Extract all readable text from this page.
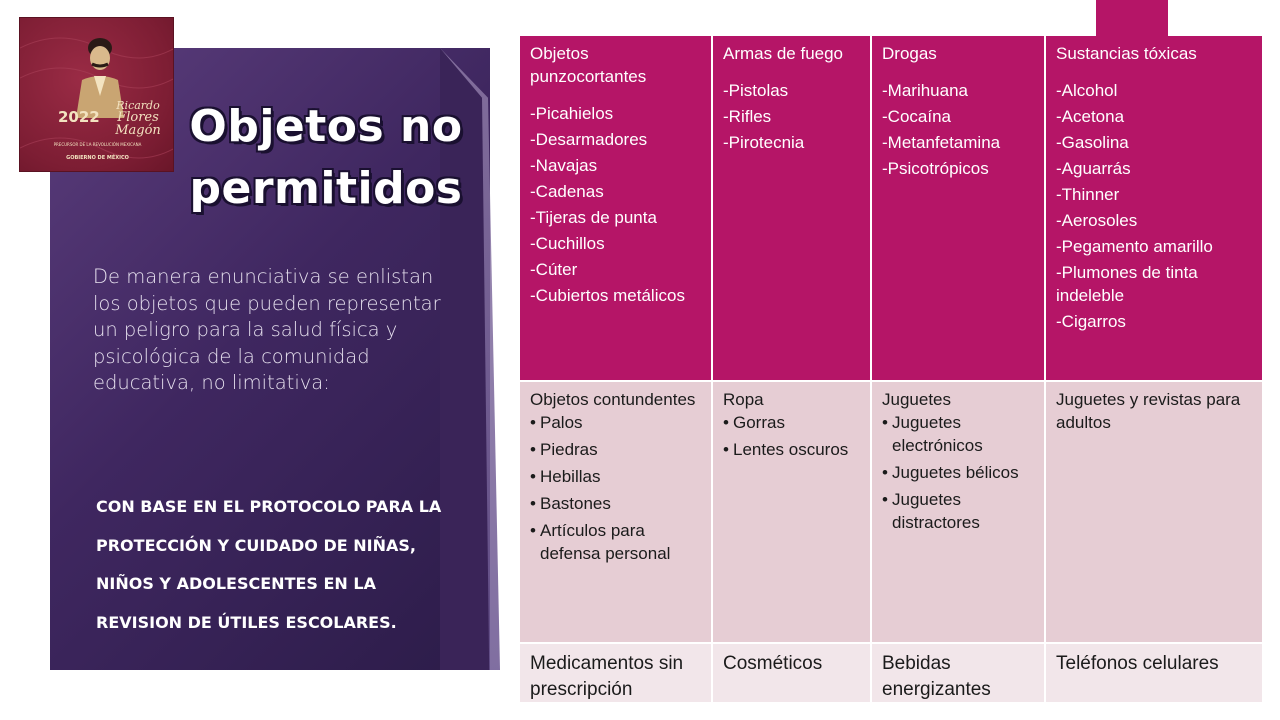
2022
Ricardo
Flores
Magón
PRECURSOR DE LA REVOLUCIÓN MEXICANA
GOBIERNO DE MÉXICO
Objetos no
permitidos
De manera enunciativa se enlistan los objetos que pueden representar un peligro para la salud física y psicológica de la comunidad educativa, no limitativa:
CON BASE EN EL PROTOCOLO PARA LA PROTECCIÓN Y CUIDADO DE NIÑAS, NIÑOS Y ADOLESCENTES EN LA REVISION DE ÚTILES ESCOLARES.
Objetos punzocortantes
-Picahielos
-Desarmadores
-Navajas
-Cadenas
-Tijeras de punta
-Cuchillos
-Cúter
-Cubiertos metálicos
Armas de fuego
-Pistolas
-Rifles
-Pirotecnia
Drogas
-Marihuana
-Cocaína
-Metanfetamina
-Psicotrópicos
Sustancias tóxicas
-Alcohol
-Acetona
-Gasolina
-Aguarrás
-Thinner
-Aerosoles
-Pegamento amarillo
-Plumones de tinta indeleble
-Cigarros
Objetos contundentes
• Palos
• Piedras
• Hebillas
• Bastones
• Artículos para defensa personal
Ropa
• Gorras
• Lentes oscuros
Juguetes
• Juguetes electrónicos
• Juguetes bélicos
• Juguetes distractores
Juguetes y revistas para adultos
Medicamentos sin prescripción
Cosméticos	Bebidas energizantes
Teléfonos celulares
